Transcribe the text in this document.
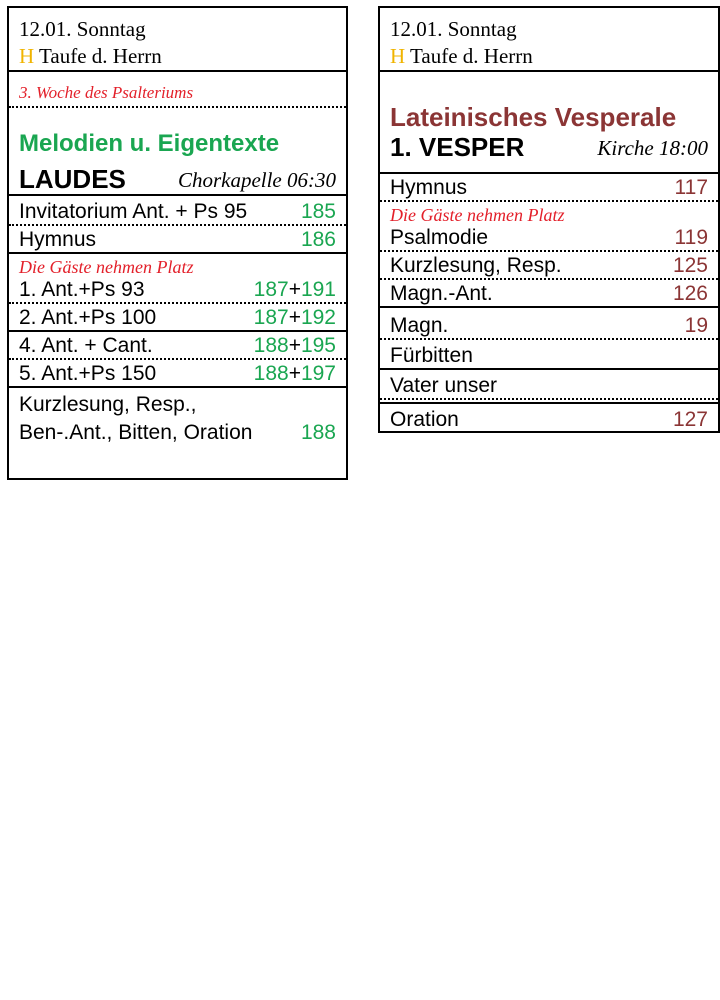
12.01. Sonntag
H Taufe d. Herrn
3. Woche des Psalteriums
Melodien u. Eigentexte
LAUDES Chorkapelle 06:30
Invitatorium Ant. + Ps 95	185
Hymnus	186
Die Gäste nehmen Platz
1. Ant.+Ps 93	187+191
2. Ant.+Ps 100	187+192
4. Ant. + Cant.	188+195
5. Ant.+Ps 150	188+197
Kurzlesung, Resp.,
Ben-.Ant., Bitten, Oration 188
12.01. Sonntag
H Taufe d. Herrn
Lateinisches Vesperale
1. VESPER	Kirche 18:00
Hymnus	117
Die Gäste nehmen Platz
Psalmodie	119
Kurzlesung, Resp.	125
Magn.-Ant.	126
Magn.	19
Fürbitten
Vater unser
Oration	127
